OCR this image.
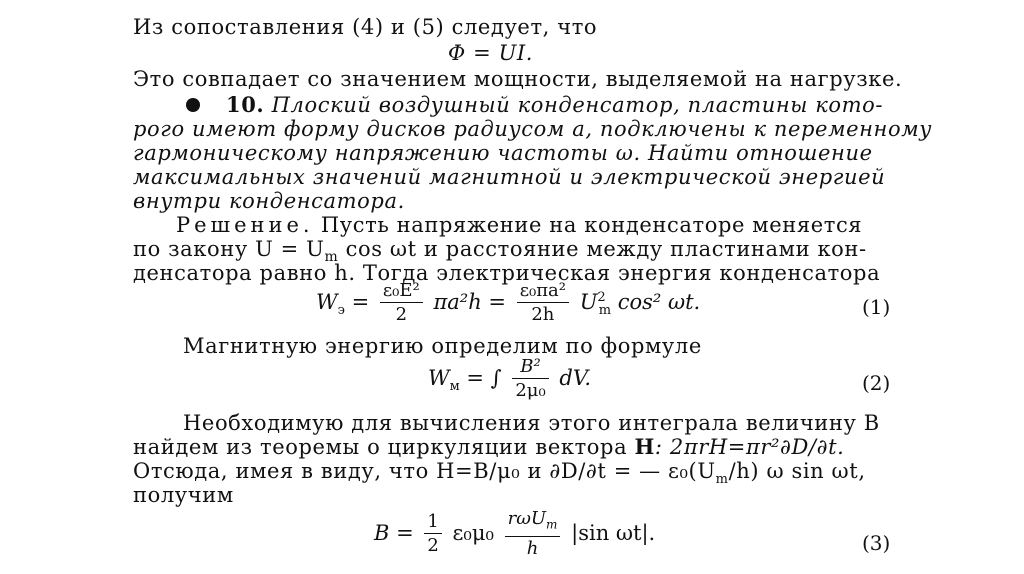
Из сопоставления (4) и (5) следует, что
Φ = UI.
Это совпадает со значением мощности, выделяемой на нагрузке.
10. Плоский воздушный конденсатор, пластины кото-
рого имеют форму дисков радиусом a, подключены к переменному
гармоническому напряжению частоты ω. Найти отношение
максимальных значений магнитной и электрической энергией
внутри конденсатора.
Решение. Пусть напряжение на конденсаторе меняется
по закону $U = U_m$ cos ωt и расстояние между пластинами кон-
денсатора равно h. Тогда электрическая энергия конденсатора
$W_э = \frac{\text{ε₀E²}}{2} \pi a^2h = \frac{\text{ε₀πa²}}{2h} U^2_m$ cos² ωt.	(1)
Магнитную энергию определим по формуле
$W_м$ = ∫ $\frac{\text{B²}}{\text{2μ₀}}$ dV.	(2)
Необходимую для вычисления этого интеграла величину B
найдем из теоремы о циркуляции вектора H: 2πrH=πr²∂D/∂t.
Отсюда, имея в виду, что H=B/μ₀ и ∂D/∂t = — $\varepsilon_0(U_m/h)$ ω sin ωt,
получим
$B = \frac{1}{2} \varepsilon_0\mu_0 \frac{r\omega U_m}{h} |\sin$ ωt|.	(3)
